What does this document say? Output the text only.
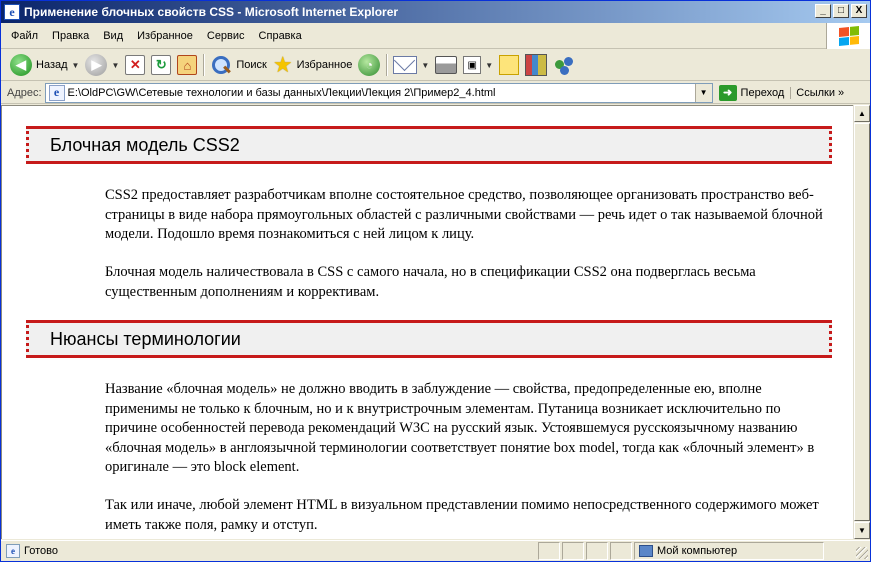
e Применение блочных свойств CSS - Microsoft Internet Explorer	_	□	X
Файл	Правка	Вид	Избранное	Сервис	Справка
◀ Назад ▼ ▶	▼ ✕	↻	⌂	Поиск ★ Избранное	◔	▼	▣	▼
Адрес:	e E:\OldPC\GW\Сетевые технологии и базы данных\Лекции\Лекция 2\Пример2_4.html	▼	➜ Переход Ссылки »
Блочная модель CSS2

CSS2 предоставляет разработчикам вполне состоятельное средство, позволяющее организовать пространство веб-страницы в виде набора прямоугольных областей с различными свойствами — речь идет о так называемой блочной модели. Подошло время познакомиться с ней лицом к лицу.

Блочная модель наличествовала в CSS с самого начала, но в спецификации CSS2 она подверглась весьма существенным дополнениям и коррективам.

Нюансы терминологии

Название «блочная модель» не должно вводить в заблуждение — свойства, предопределенные ею, вполне применимы не только к блочным, но и к внутристрочным элементам. Путаница возникает исключительно по причине особенностей перевода рекомендаций W3C на русский язык. Устоявшемуся русскоязычному названию «блочная модель» в англоязычной терминологии соответствует понятие box model, тогда как «блочный элемент» в оригинале — это block element.

Так или иначе, любой элемент HTML в визуальном представлении помимо непосредственного содержимого может иметь также поля, рамку и отступ.

▲
▼
e Готово	Мой компьютер
